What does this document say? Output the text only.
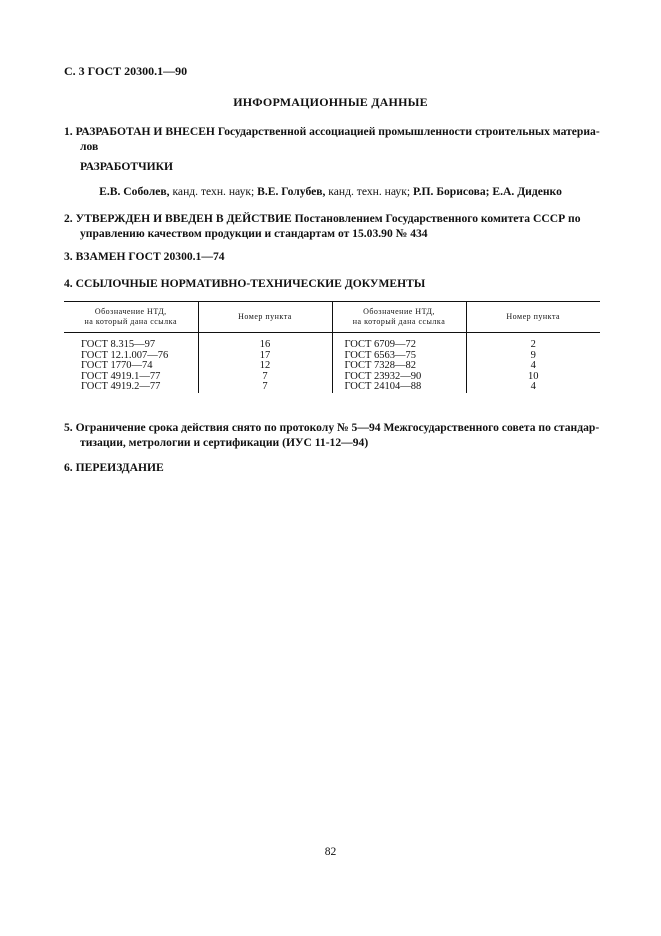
С. 3 ГОСТ 20300.1—90
ИНФОРМАЦИОННЫЕ ДАННЫЕ
1. РАЗРАБОТАН И ВНЕСЕН Государственной ассоциацией промышленности строительных материа-
лов
РАЗРАБОТЧИКИ
Е.В. Соболев, канд. техн. наук; В.Е. Голубев, канд. техн. наук; Р.П. Борисова; Е.А. Диденко
2. УТВЕРЖДЕН И ВВЕДЕН В ДЕЙСТВИЕ Постановлением Государственного комитета СССР по
управлению качеством продукции и стандартам от 15.03.90 № 434
3. ВЗАМЕН ГОСТ 20300.1—74
4. ССЫЛОЧНЫЕ НОРМАТИВНО-ТЕХНИЧЕСКИЕ ДОКУМЕНТЫ
Обозначение НТД,
на который дана ссылка	Номер пункта	Обозначение НТД,
на который дана ссылка	Номер пункта
ГОСТ 8.315—97	16	ГОСТ 6709—72	2
ГОСТ 12.1.007—76	17	ГОСТ 6563—75	9
ГОСТ 1770—74	12	ГОСТ 7328—82	4
ГОСТ 4919.1—77	7	ГОСТ 23932—90	10
ГОСТ 4919.2—77	7	ГОСТ 24104—88	4
5. Ограничение срока действия снято по протоколу № 5—94 Межгосударственного совета по стандар-
тизации, метрологии и сертификации (ИУС 11-12—94)
6. ПЕРЕИЗДАНИЕ
82
